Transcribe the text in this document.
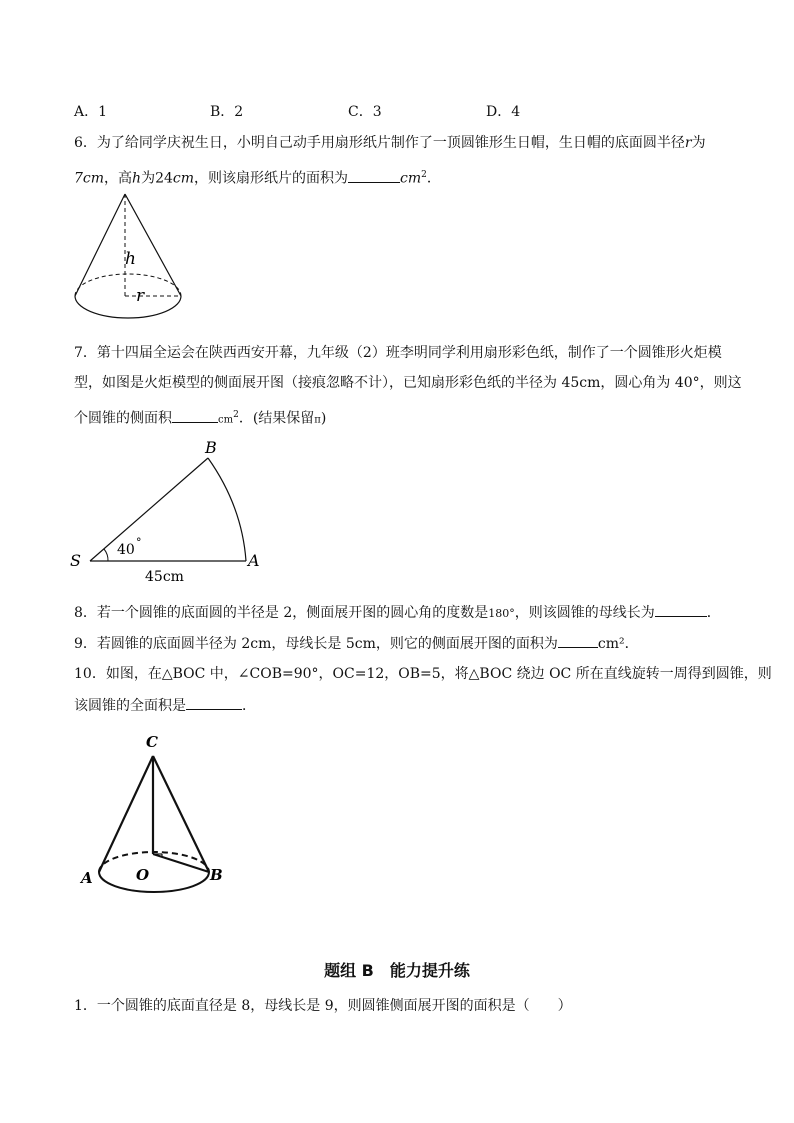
A．1	B．2	C．3	D．4
6．为了给同学庆祝生日，小明自己动手用扇形纸片制作了一顶圆锥形生日帽，生日帽的底面圆半径r为
7cm，高h为24cm，则该扇形纸片的面积为	$cm^2$．
h
r
7．第十四届全运会在陕西西安开幕，九年级（2）班李明同学利用扇形彩色纸，制作了一个圆锥形火炬模
型，如图是火炬模型的侧面展开图（接痕忽略不计），已知扇形彩色纸的半径为 45cm，圆心角为 40°，则这
个圆锥的侧面积	$cm^2$．(结果保留π)
S	A
B
40 °
45cm
8．若一个圆锥的底面圆的半径是 2，侧面展开图的圆心角的度数是180°，则该圆锥的母线长为	．
9．若圆锥的底面圆半径为 2cm，母线长是 5cm，则它的侧面展开图的面积为	cm²．
10．如图，在△BOC 中，∠COB=90°，OC=12，OB=5，将△BOC 绕边 OC 所在直线旋转一周得到圆锥，则
该圆锥的全面积是	．
C
A	O	B
题组 B　能力提升练
1．一个圆锥的底面直径是 8，母线长是 9，则圆锥侧面展开图的面积是（　　）
